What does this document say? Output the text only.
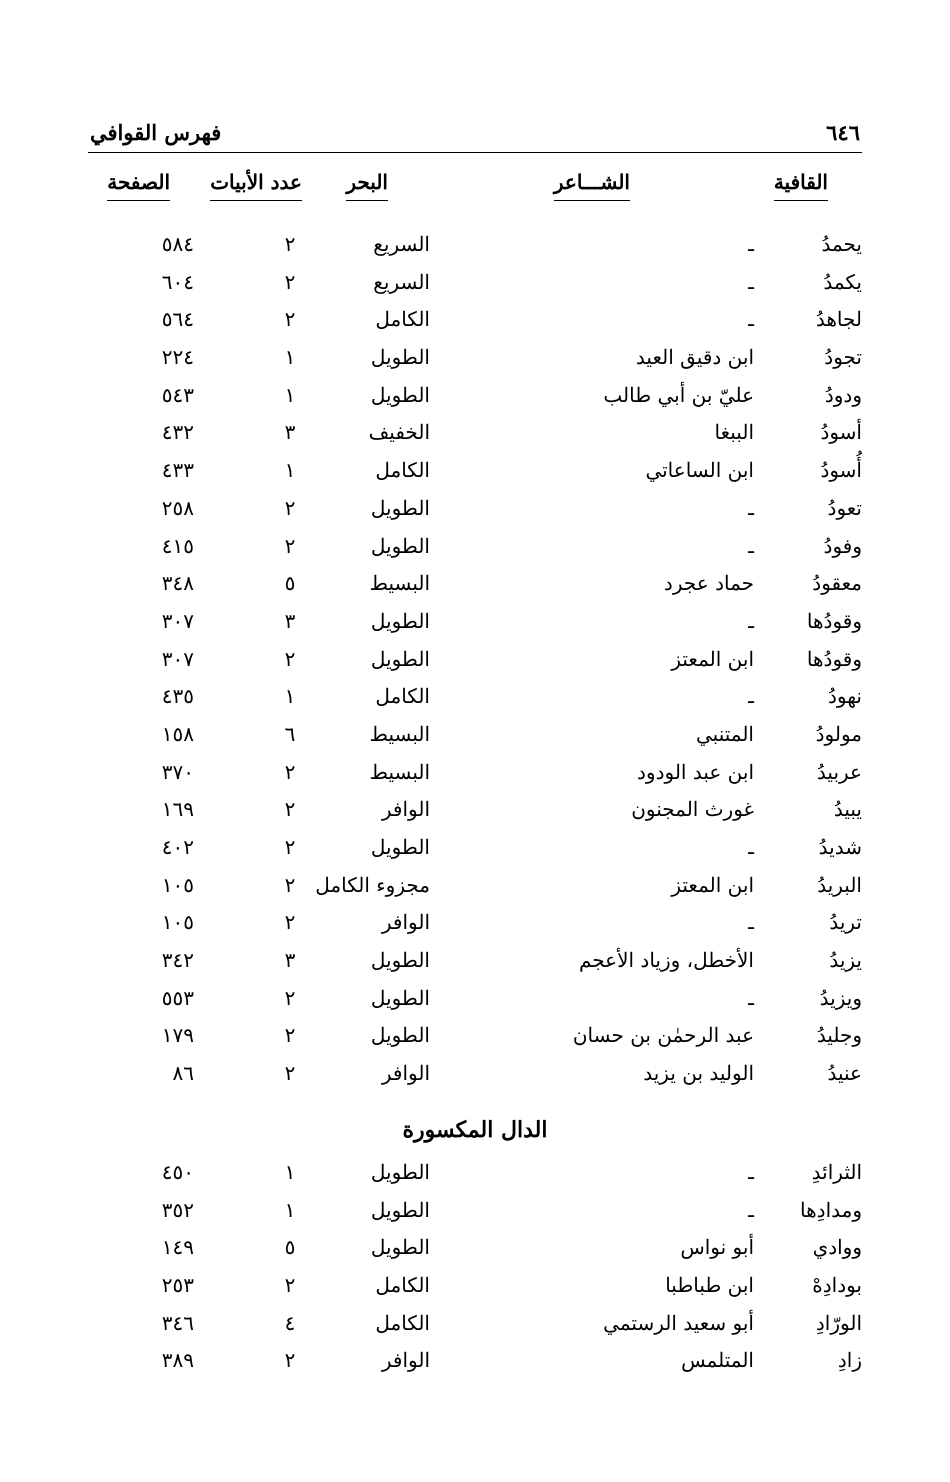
٦٤٦
فهرس القوافي
القافية
الشـــاعر
البحر
عدد الأبيات
الصفحة
يحمدُ
ـ
السريع
٢
٥٨٤
يكمدُ
ـ
السريع
٢
٦٠٤
لجاهدُ
ـ
الكامل
٢
٥٦٤
تجودُ
ابن دقيق العيد
الطويل
١
٢٢٤
ودودُ
عليّ بن أبي طالب
الطويل
١
٥٤٣
أسودُ
الببغا
الخفيف
٣
٤٣٢
أُسودُ
ابن الساعاتي
الكامل
١
٤٣٣
تعودُ
ـ
الطويل
٢
٢٥٨
وفودُ
ـ
الطويل
٢
٤١٥
معقودُ
حماد عجرد
البسيط
٥
٣٤٨
وقودُها
ـ
الطويل
٣
٣٠٧
وقودُها
ابن المعتز
الطويل
٢
٣٠٧
نهودُ
ـ
الكامل
١
٤٣٥
مولودُ
المتنبي
البسيط
٦
١٥٨
عربيدُ
ابن عبد الودود
البسيط
٢
٣٧٠
يبيدُ
غورث المجنون
الوافر
٢
١٦٩
شديدُ
ـ
الطويل
٢
٤٠٢
البريدُ
ابن المعتز
مجزوء الكامل
٢
١٠٥
تريدُ
ـ
الوافر
٢
١٠٥
يزيدُ
الأخطل، وزياد الأعجم
الطويل
٣
٣٤٢
ويزيدُ
ـ
الطويل
٢
٥٥٣
وجليدُ
عبد الرحمٰن بن حسان
الطويل
٢
١٧٩
عنيدُ
الوليد بن يزيد
الوافر
٢
٨٦
الدال المكسورة
الثرائدِ
ـ
الطويل
١
٤٥٠
ومدادِها
ـ
الطويل
١
٣٥٢
ووادي
أبو نواس
الطويل
٥
١٤٩
بودادِهْ
ابن طباطبا
الكامل
٢
٢٥٣
الورّادِ
أبو سعيد الرستمي
الكامل
٤
٣٤٦
زادِ
المتلمس
الوافر
٢
٣٨٩
